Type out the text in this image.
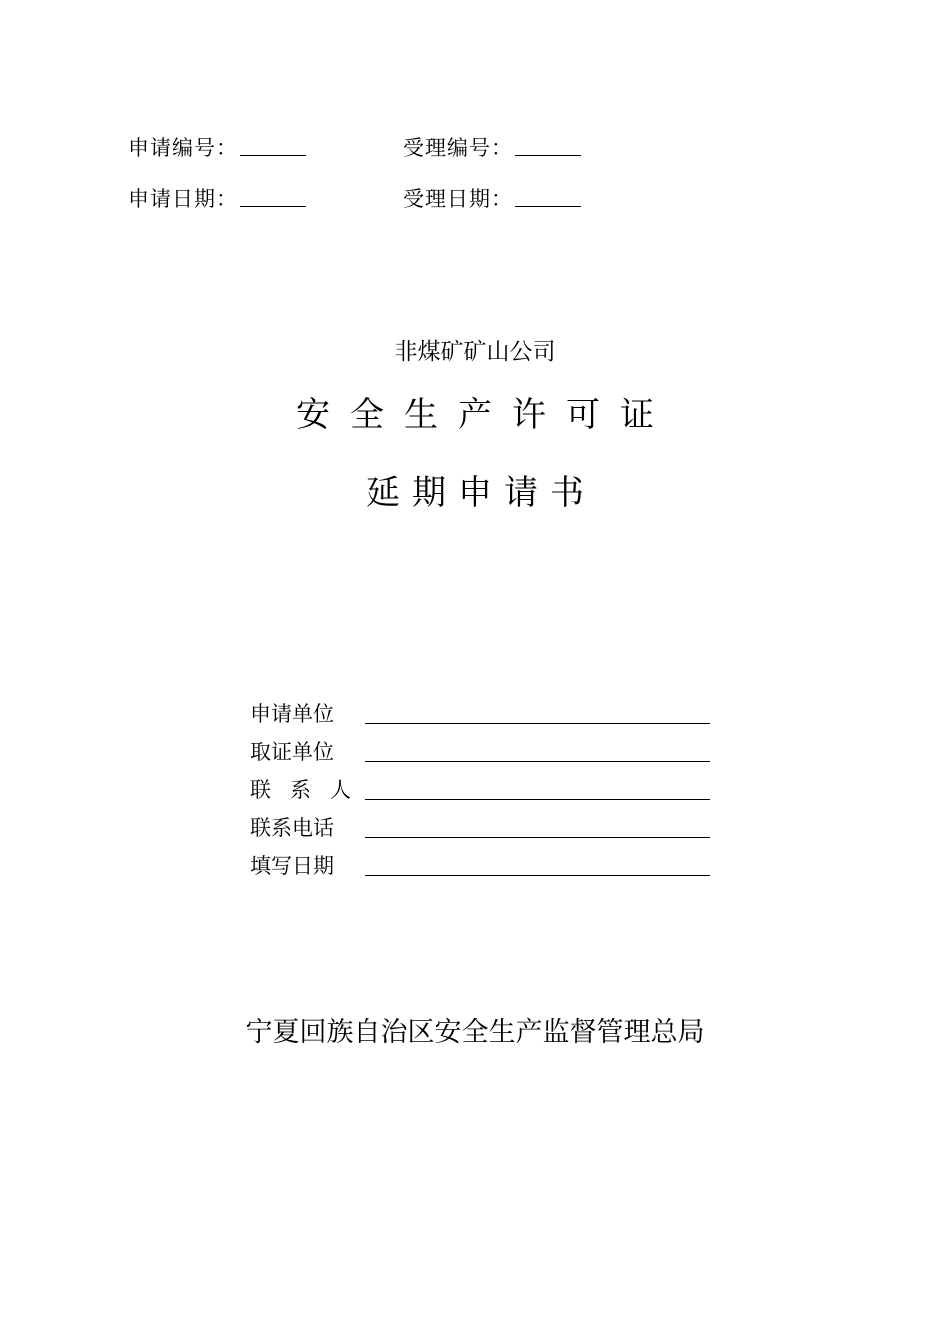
申请编号：	受理编号：
申请日期：	受理日期：
非煤矿矿山公司
安全生产许可证
延期申请书
申请单位
取证单位
联系人
联系电话
填写日期
宁夏回族自治区安全生产监督管理总局
